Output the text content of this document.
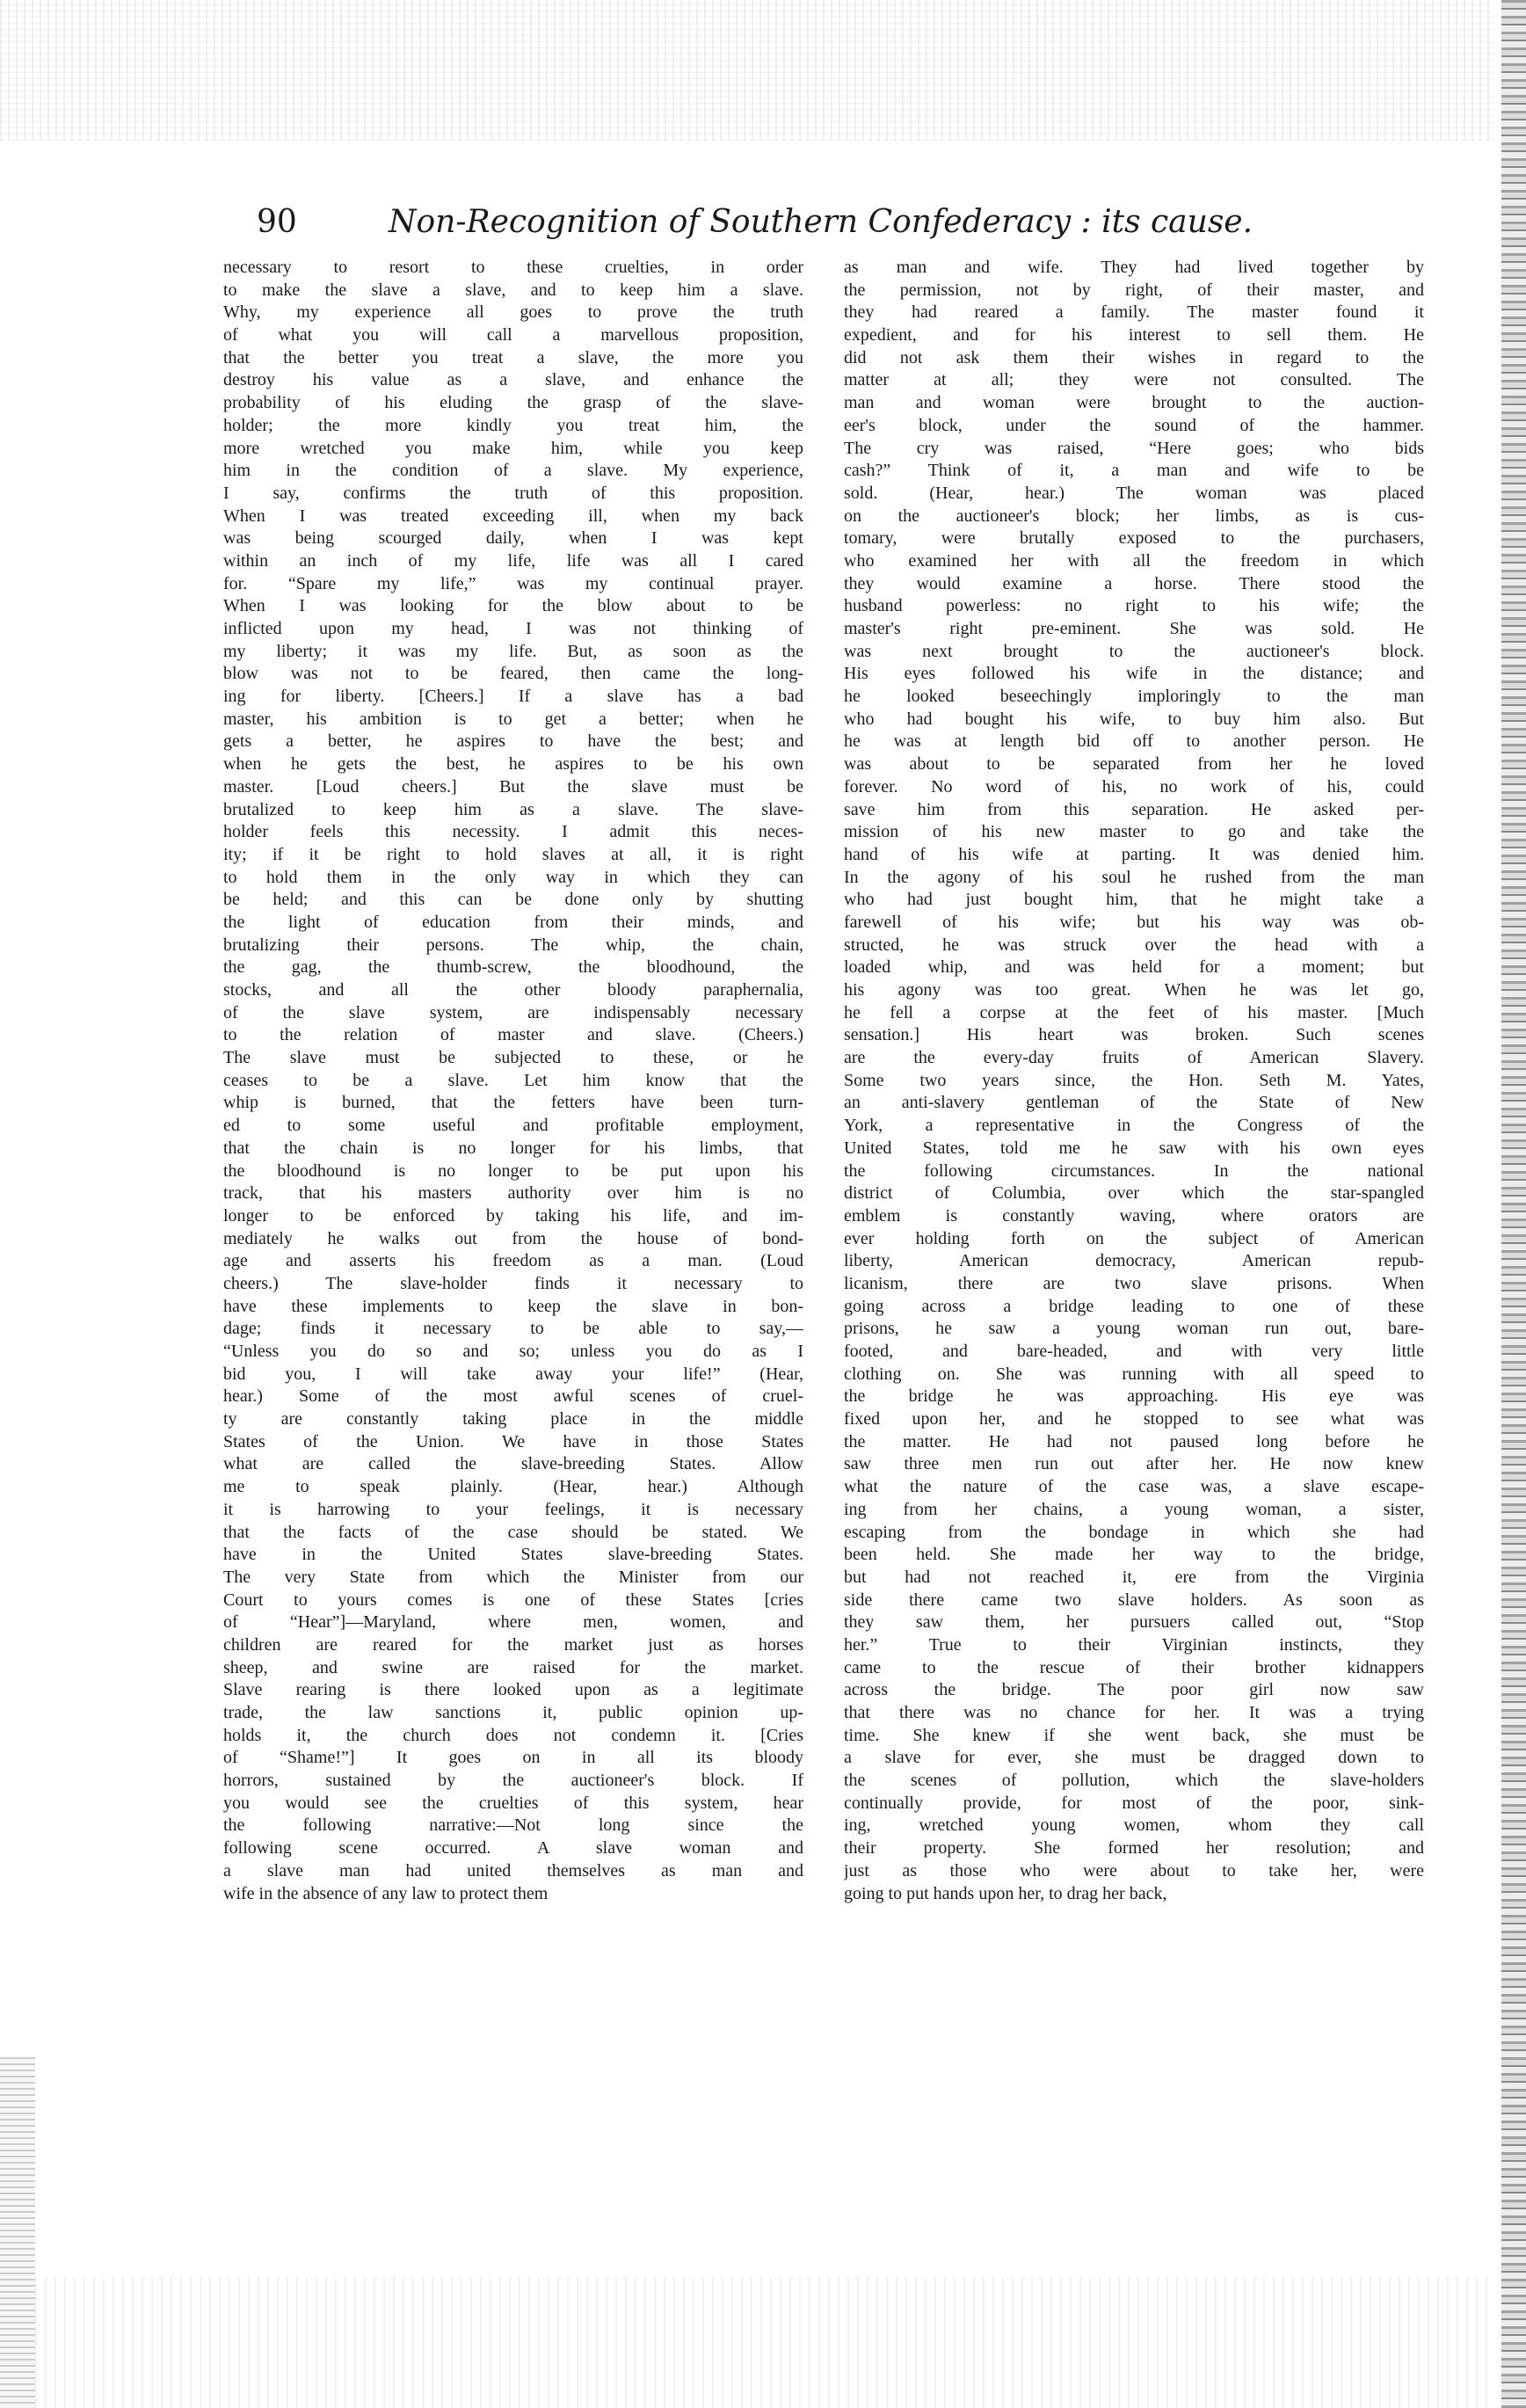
90	Non-Recognition of Southern Confederacy : its cause.
necessary to resort to these cruelties, in order
to make the slave a slave, and to keep him a slave.
Why, my experience all goes to prove the truth
of what you will call a marvellous proposition,
that the better you treat a slave, the more you
destroy his value as a slave, and enhance the
probability of his eluding the grasp of the slave-
holder; the more kindly you treat him, the
more wretched you make him, while you keep
him in the condition of a slave. My experience,
I say, confirms the truth of this proposition.
When I was treated exceeding ill, when my back
was being scourged daily, when I was kept
within an inch of my life, life was all I cared
for. “Spare my life,” was my continual prayer.
When I was looking for the blow about to be
inflicted upon my head, I was not thinking of
my liberty; it was my life. But, as soon as the
blow was not to be feared, then came the long-
ing for liberty. [Cheers.] If a slave has a bad
master, his ambition is to get a better; when he
gets a better, he aspires to have the best; and
when he gets the best, he aspires to be his own
master. [Loud cheers.] But the slave must be
brutalized to keep him as a slave. The slave-
holder feels this necessity. I admit this neces-
ity; if it be right to hold slaves at all, it is right
to hold them in the only way in which they can
be held; and this can be done only by shutting
the light of education from their minds, and
brutalizing their persons. The whip, the chain,
the gag, the thumb-screw, the bloodhound, the
stocks, and all the other bloody paraphernalia,
of the slave system, are indispensably necessary
to the relation of master and slave. (Cheers.)
The slave must be subjected to these, or he
ceases to be a slave. Let him know that the
whip is burned, that the fetters have been turn-
ed to some useful and profitable employment,
that the chain is no longer for his limbs, that
the bloodhound is no longer to be put upon his
track, that his masters authority over him is no
longer to be enforced by taking his life, and im-
mediately he walks out from the house of bond-
age and asserts his freedom as a man. (Loud
cheers.) The slave-holder finds it necessary to
have these implements to keep the slave in bon-
dage; finds it necessary to be able to say,—
“Unless you do so and so; unless you do as I
bid you, I will take away your life!” (Hear,
hear.) Some of the most awful scenes of cruel-
ty are constantly taking place in the middle
States of the Union. We have in those States
what are called the slave-breeding States. Allow
me to speak plainly. (Hear, hear.) Although
it is harrowing to your feelings, it is necessary
that the facts of the case should be stated. We
have in the United States slave-breeding States.
The very State from which the Minister from our
Court to yours comes is one of these States [cries
of “Hear”]—Maryland, where men, women, and
children are reared for the market just as horses
sheep, and swine are raised for the market.
Slave rearing is there looked upon as a legitimate
trade, the law sanctions it, public opinion up-
holds it, the church does not condemn it. [Cries
of “Shame!”] It goes on in all its bloody
horrors, sustained by the auctioneer's block. If
you would see the cruelties of this system, hear
the following narrative:—Not long since the
following scene occurred. A slave woman and
a slave man had united themselves as man and
wife in the absence of any law to protect them
as man and wife. They had lived together by
the permission, not by right, of their master, and
they had reared a family. The master found it
expedient, and for his interest to sell them. He
did not ask them their wishes in regard to the
matter at all; they were not consulted. The
man and woman were brought to the auction-
eer's block, under the sound of the hammer.
The cry was raised, “Here goes; who bids
cash?” Think of it, a man and wife to be
sold. (Hear, hear.) The woman was placed
on the auctioneer's block; her limbs, as is cus-
tomary, were brutally exposed to the purchasers,
who examined her with all the freedom in which
they would examine a horse. There stood the
husband powerless: no right to his wife; the
master's right pre-eminent. She was sold. He
was next brought to the auctioneer's block.
His eyes followed his wife in the distance; and
he looked beseechingly imploringly to the man
who had bought his wife, to buy him also. But
he was at length bid off to another person. He
was about to be separated from her he loved
forever. No word of his, no work of his, could
save him from this separation. He asked per-
mission of his new master to go and take the
hand of his wife at parting. It was denied him.
In the agony of his soul he rushed from the man
who had just bought him, that he might take a
farewell of his wife; but his way was ob-
structed, he was struck over the head with a
loaded whip, and was held for a moment; but
his agony was too great. When he was let go,
he fell a corpse at the feet of his master. [Much
sensation.] His heart was broken. Such scenes
are the every-day fruits of American Slavery.
Some two years since, the Hon. Seth M. Yates,
an anti-slavery gentleman of the State of New
York, a representative in the Congress of the
United States, told me he saw with his own eyes
the following circumstances. In the national
district of Columbia, over which the star-spangled
emblem is constantly waving, where orators are
ever holding forth on the subject of American
liberty, American democracy, American repub-
licanism, there are two slave prisons. When
going across a bridge leading to one of these
prisons, he saw a young woman run out, bare-
footed, and bare-headed, and with very little
clothing on. She was running with all speed to
the bridge he was approaching. His eye was
fixed upon her, and he stopped to see what was
the matter. He had not paused long before he
saw three men run out after her. He now knew
what the nature of the case was, a slave escape-
ing from her chains, a young woman, a sister,
escaping from the bondage in which she had
been held. She made her way to the bridge,
but had not reached it, ere from the Virginia
side there came two slave holders. As soon as
they saw them, her pursuers called out, “Stop
her.” True to their Virginian instincts, they
came to the rescue of their brother kidnappers
across the bridge. The poor girl now saw
that there was no chance for her. It was a trying
time. She knew if she went back, she must be
a slave for ever, she must be dragged down to
the scenes of pollution, which the slave-holders
continually provide, for most of the poor, sink-
ing, wretched young women, whom they call
their property. She formed her resolution; and
just as those who were about to take her, were
going to put hands upon her, to drag her back,
